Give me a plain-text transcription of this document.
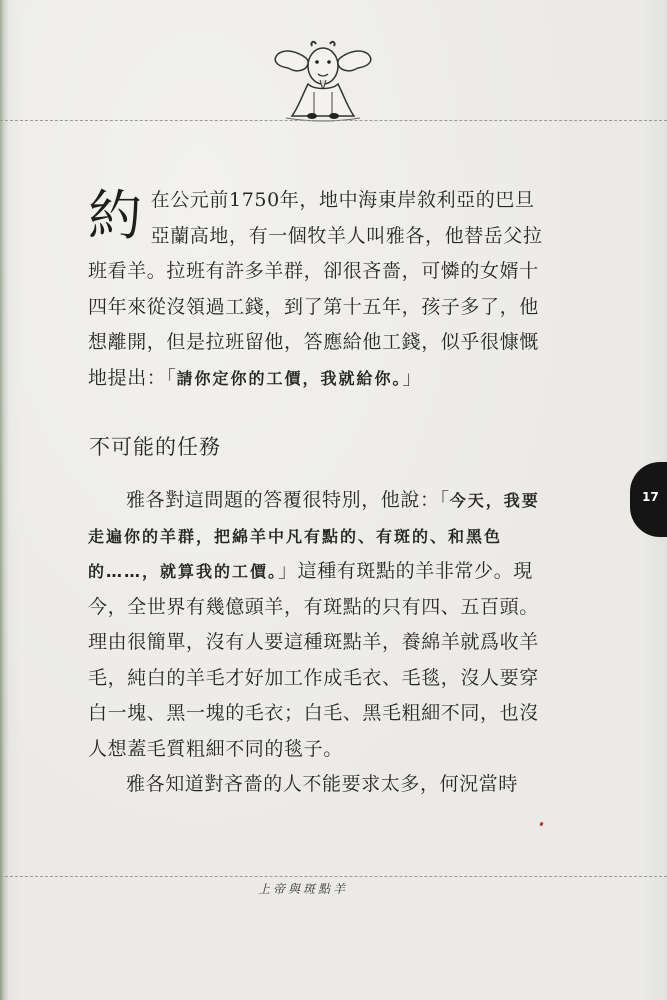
約在公元前1750年，地中海東岸敘利亞的巴旦亞蘭高地，有一個牧羊人叫雅各，他替岳父拉班看羊。拉班有許多羊群，卻很吝嗇，可憐的女婿十四年來從沒領過工錢，到了第十五年，孩子多了，他想離開，但是拉班留他，答應給他工錢，似乎很慷慨地提出：「請你定你的工價，我就給你。」
不可能的任務

雅各對這問題的答覆很特別，他說：「今天，我要走遍你的羊群，把綿羊中凡有點的、有斑的、和黑色的……，就算我的工價。」這種有斑點的羊非常少。現今，全世界有幾億頭羊，有斑點的只有四、五百頭。理由很簡單，沒有人要這種斑點羊，養綿羊就爲收羊毛，純白的羊毛才好加工作成毛衣、毛毯，沒人要穿白一塊、黑一塊的毛衣；白毛、黑毛粗細不同，也沒人想蓋毛質粗細不同的毯子。

雅各知道對吝嗇的人不能要求太多，何況當時

17
上帝與斑點羊
